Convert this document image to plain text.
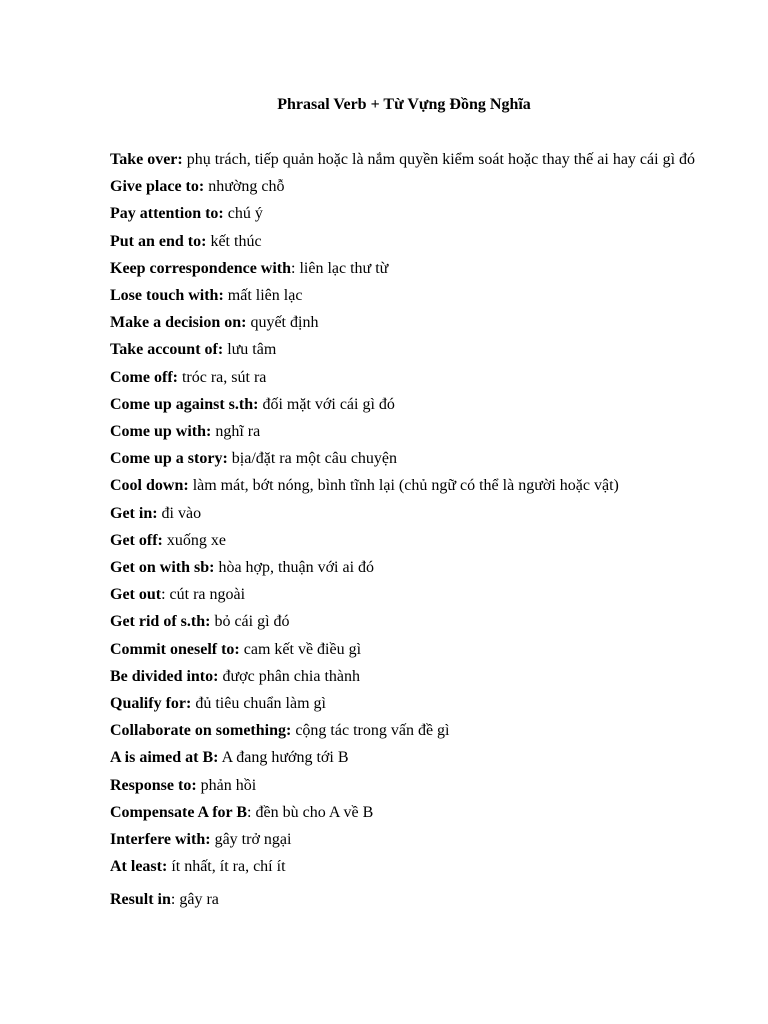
Phrasal Verb + Từ Vựng Đồng Nghĩa

Take over: phụ trách, tiếp quản hoặc là nắm quyền kiểm soát hoặc thay thế ai hay cái gì đó

Give place to: nhường chỗ

Pay attention to: chú ý

Put an end to: kết thúc

Keep correspondence with: liên lạc thư từ

Lose touch with: mất liên lạc

Make a decision on: quyết định

Take account of: lưu tâm

Come off: tróc ra, sút ra

Come up against s.th: đối mặt với cái gì đó

Come up with: nghĩ ra

Come up a story: bịa/đặt ra một câu chuyện

Cool down: làm mát, bớt nóng, bình tĩnh lại (chủ ngữ có thể là người hoặc vật)

Get in: đi vào

Get off: xuống xe

Get on with sb: hòa hợp, thuận với ai đó

Get out: cút ra ngoài

Get rid of s.th: bỏ cái gì đó

Commit oneself to: cam kết về điều gì

Be divided into: được phân chia thành

Qualify for: đủ tiêu chuẩn làm gì

Collaborate on something: cộng tác trong vấn đề gì

A is aimed at B: A đang hướng tới B

Response to: phản hồi

Compensate A for B: đền bù cho A về B

Interfere with: gây trở ngại

At least: ít nhất, ít ra, chí ít

Result in: gây ra
